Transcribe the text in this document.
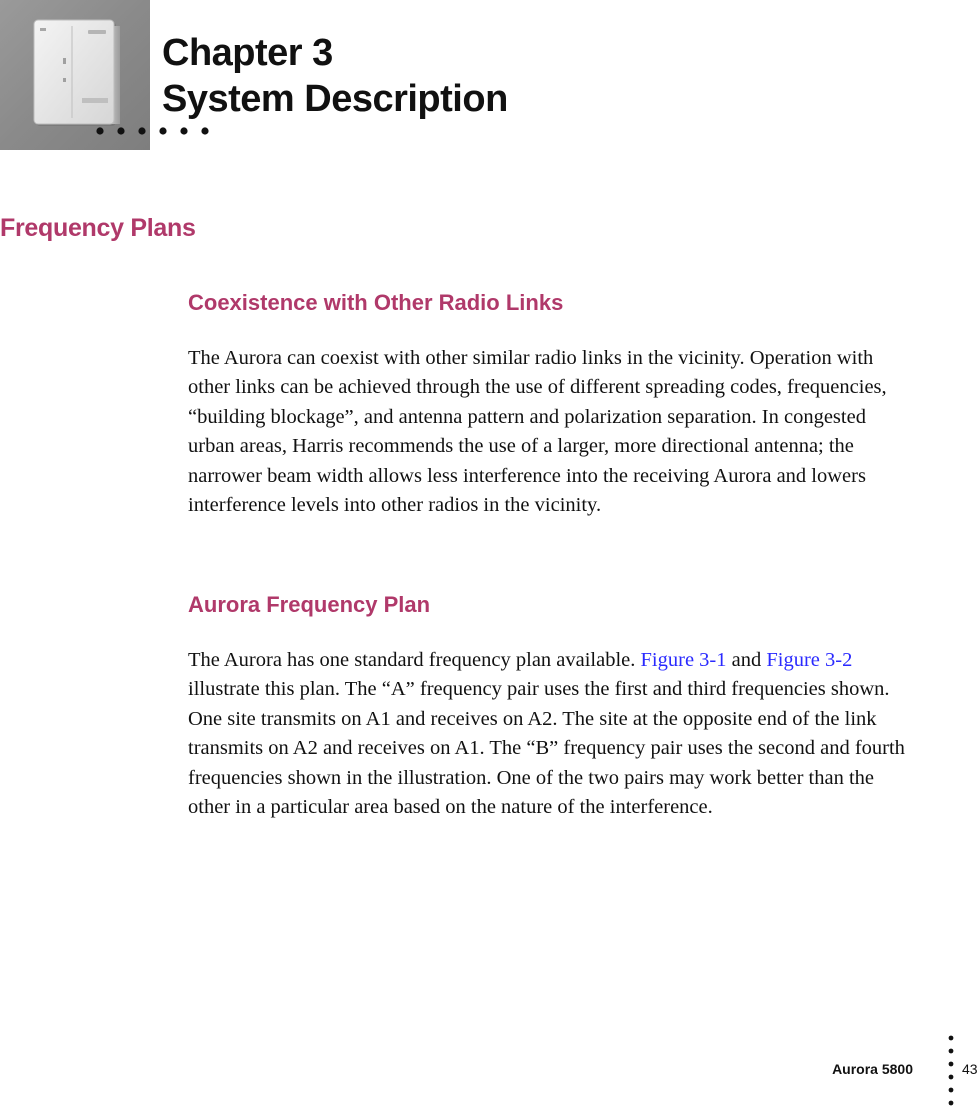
Chapter 3
System Description
Frequency Plans
Coexistence with Other Radio Links

The Aurora can coexist with other similar radio links in the vicinity. Operation with other links can be achieved through the use of different spreading codes, frequencies, “building blockage”, and antenna pattern and polarization separation. In congested urban areas, Harris recommends the use of a larger, more directional antenna; the narrower beam width allows less interference into the receiving Aurora and lowers interference levels into other radios in the vicinity.

Aurora Frequency Plan

The Aurora has one standard frequency plan available. Figure 3-1 and Figure 3-2 illustrate this plan. The “A” frequency pair uses the first and third frequencies shown. One site transmits on A1 and receives on A2. The site at the opposite end of the link transmits on A2 and receives on A1. The “B” frequency pair uses the second and fourth frequencies shown in the illustration. One of the two pairs may work better than the other in a particular area based on the nature of the interference.

Aurora 5800	43
